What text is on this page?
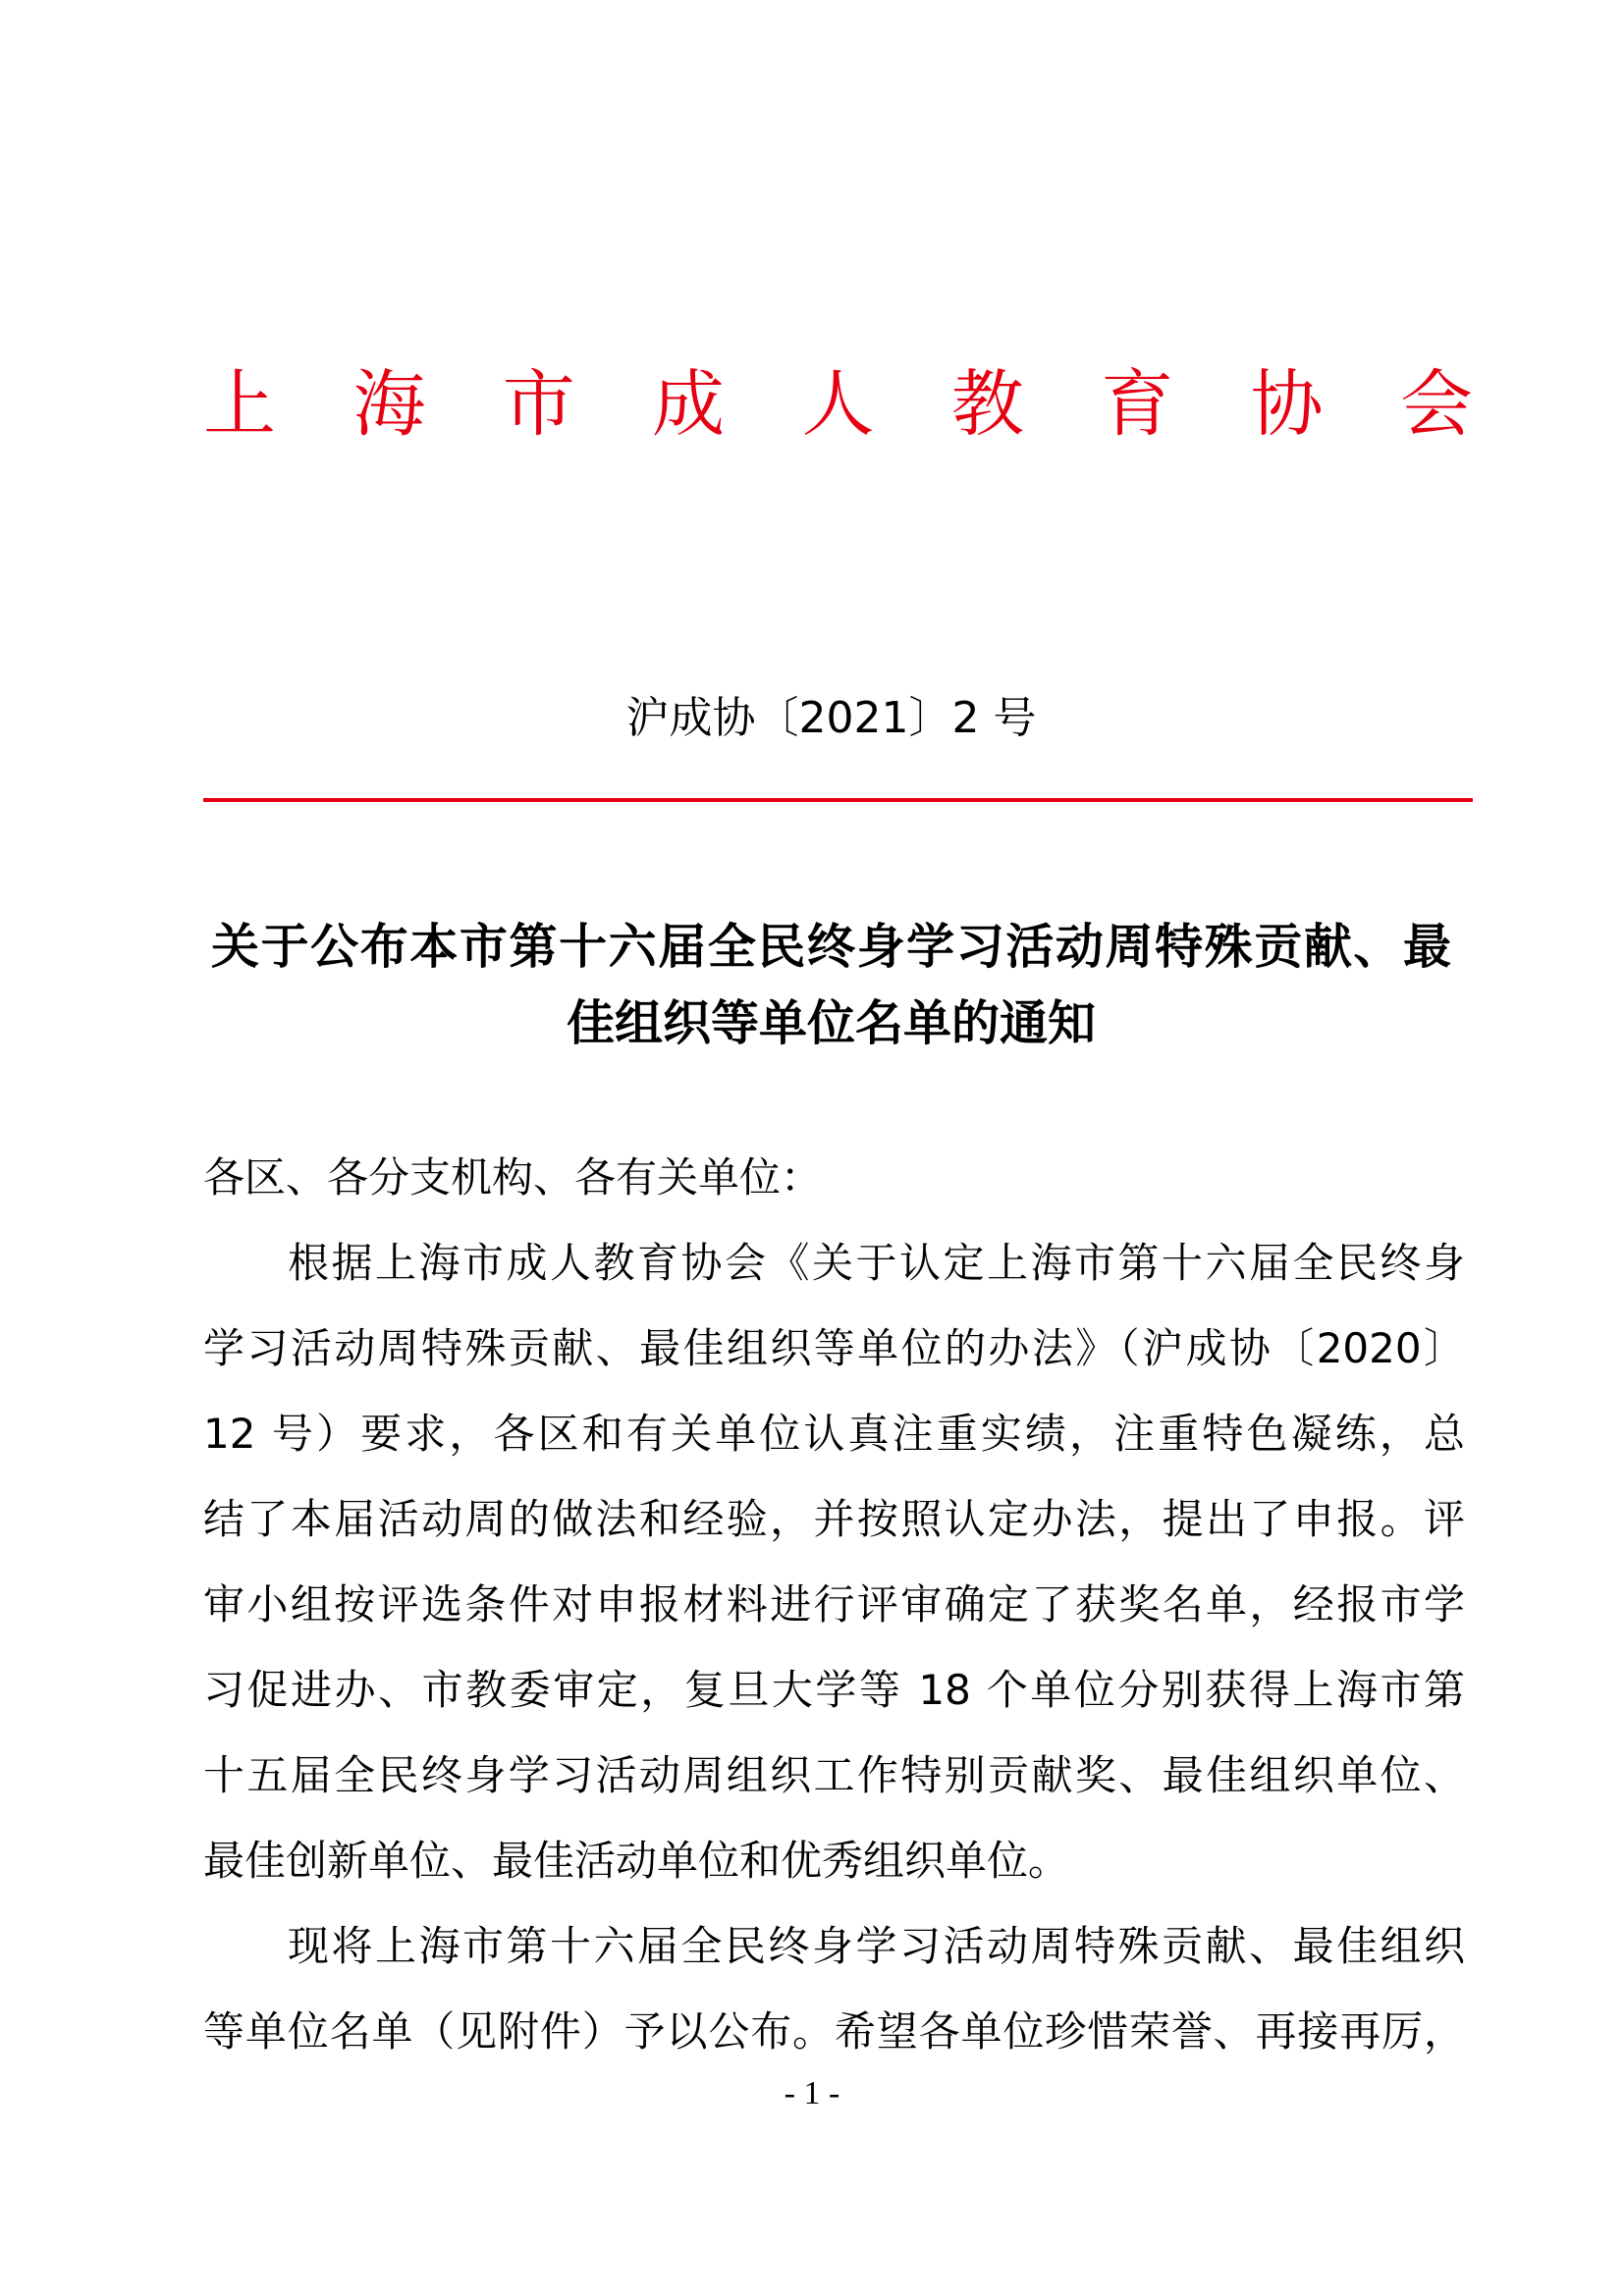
上 海 市 成 人 教 育 协 会
沪成协〔2021〕2 号
关于公布本市第十六届全民终身学习活动周特殊贡献、最
佳组织等单位名单的通知
各区、各分支机构、各有关单位：
根据上海市成人教育协会《关于认定上海市第十六届全民终身
学习活动周特殊贡献、最佳组织等单位的办法》（沪成协〔2020〕
12 号）要求，各区和有关单位认真注重实绩，注重特色凝练，总
结了本届活动周的做法和经验，并按照认定办法，提出了申报。评
审小组按评选条件对申报材料进行评审确定了获奖名单，经报市学
习促进办、市教委审定，复旦大学等 18 个单位分别获得上海市第
十五届全民终身学习活动周组织工作特别贡献奖、最佳组织单位、
最佳创新单位、最佳活动单位和优秀组织单位。
现将上海市第十六届全民终身学习活动周特殊贡献、最佳组织
等单位名单（见附件）予以公布。希望各单位珍惜荣誉、再接再厉，
- 1 -
